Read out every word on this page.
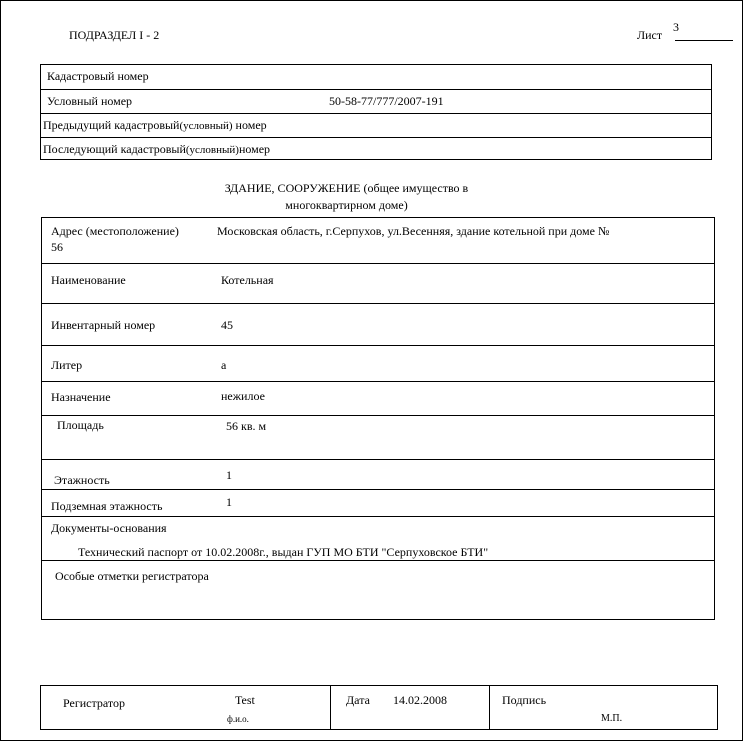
ПОДРАЗДЕЛ I - 2	Лист
3
Кадастровый номер
Условный номер	50-58-77/777/2007-191
Предыдущий кадастровый(условный) номер
Последующий кадастровый(условный)номер
ЗДАНИЕ, СООРУЖЕНИЕ (общее имущество в
многоквартирном доме)
Адрес (местоположение)	Московская область, г.Серпухов, ул.Весенняя, здание котельной при доме №
56
Наименование	Котельная
Инвентарный номер	45
Литер	а
Назначение	нежилое
Площадь	56 кв. м
Этажность	1
Подземная этажность	1
Документы-основания
Технический паспорт от 10.02.2008г., выдан ГУП МО БТИ "Серпуховское БТИ"
Особые отметки регистратора
Регистратор	Test
ф.и.о.
Дата 14.02.2008	Подпись
М.П.
